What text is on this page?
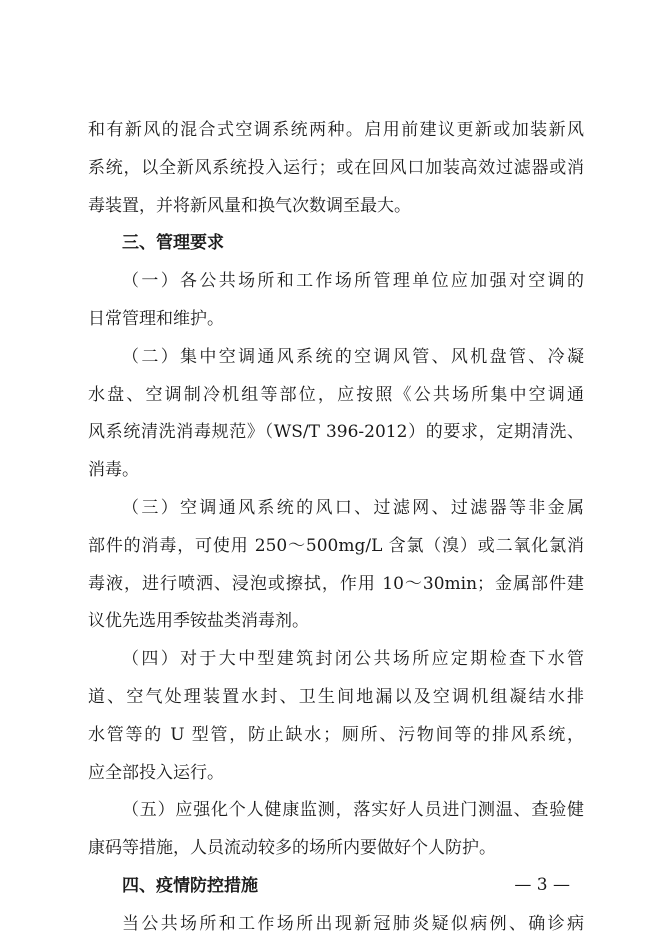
和有新风的混合式空调系统两种。启用前建议更新或加装新风
系统，以全新风系统投入运行；或在回风口加装高效过滤器或消
毒装置，并将新风量和换气次数调至最大。
三、管理要求
（一）各公共场所和工作场所管理单位应加强对空调的
日常管理和维护。
（二）集中空调通风系统的空调风管、风机盘管、冷凝
水盘、空调制冷机组等部位，应按照《公共场所集中空调通
风系统清洗消毒规范》（WS/T 396-2012）的要求，定期清洗、
消毒。
（三）空调通风系统的风口、过滤网、过滤器等非金属
部件的消毒，可使用 250～500mg/L 含氯（溴）或二氧化氯消
毒液，进行喷洒、浸泡或擦拭，作用 10～30min；金属部件建
议优先选用季铵盐类消毒剂。
（四）对于大中型建筑封闭公共场所应定期检查下水管
道、空气处理装置水封、卫生间地漏以及空调机组凝结水排
水管等的 U 型管，防止缺水；厕所、污物间等的排风系统，
应全部投入运行。
（五）应强化个人健康监测，落实好人员进门测温、查验健
康码等措施，人员流动较多的场所内要做好个人防护。
四、疫情防控措施
当公共场所和工作场所出现新冠肺炎疑似病例、确诊病
— 3 —
